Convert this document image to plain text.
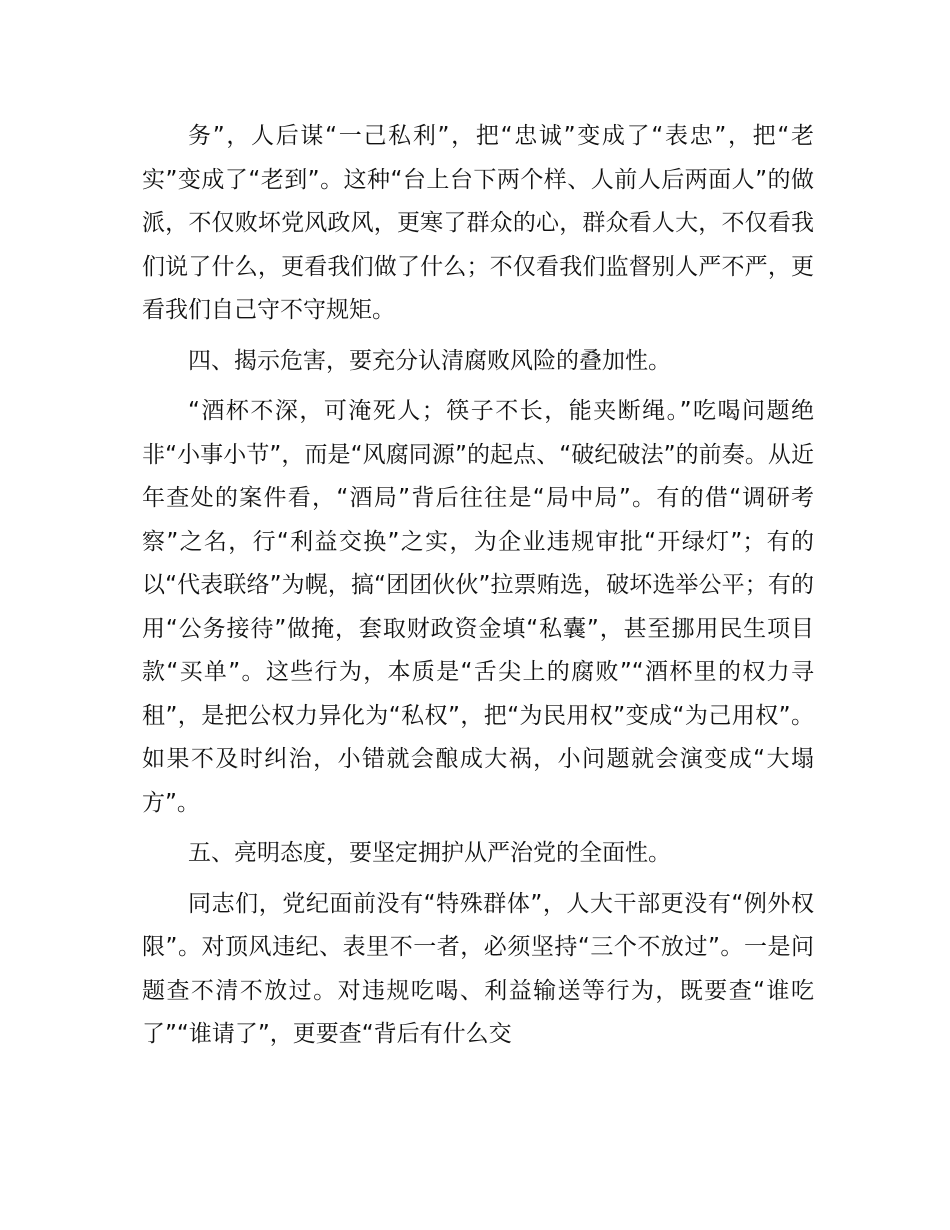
务”，人后谋“一己私利”，把“忠诚”变成了“表忠”，把“老实”变成了“老到”。这种“台上台下两个样、人前人后两面人”的做派，不仅败坏党风政风，更寒了群众的心，群众看人大，不仅看我们说了什么，更看我们做了什么；不仅看我们监督别人严不严，更看我们自己守不守规矩。

四、揭示危害，要充分认清腐败风险的叠加性。

“酒杯不深，可淹死人；筷子不长，能夹断绳。”吃喝问题绝非“小事小节”，而是“风腐同源”的起点、“破纪破法”的前奏。从近年查处的案件看，“酒局”背后往往是“局中局”。有的借“调研考察”之名，行“利益交换”之实，为企业违规审批“开绿灯”；有的以“代表联络”为幌，搞“团团伙伙”拉票贿选，破坏选举公平；有的用“公务接待”做掩，套取财政资金填“私囊”，甚至挪用民生项目款“买单”。这些行为，本质是“舌尖上的腐败”“酒杯里的权力寻租”，是把公权力异化为“私权”，把“为民用权”变成“为己用权”。如果不及时纠治，小错就会酿成大祸，小问题就会演变成“大塌方”。

五、亮明态度，要坚定拥护从严治党的全面性。

同志们，党纪面前没有“特殊群体”，人大干部更没有“例外权限”。对顶风违纪、表里不一者，必须坚持“三个不放过”。一是问题查不清不放过。对违规吃喝、利益输送等行为，既要查“谁吃了”“谁请了”，更要查“背后有什么交
